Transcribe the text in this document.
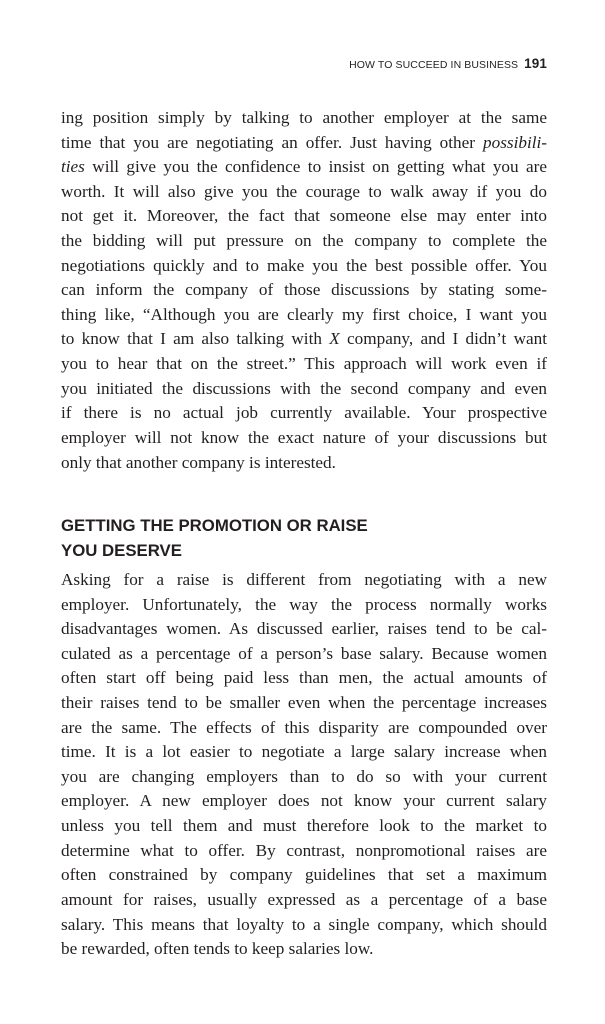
HOW TO SUCCEED IN BUSINESS 191
ing position simply by talking to another employer at the same
time that you are negotiating an offer. Just having other possibili-
ties will give you the confidence to insist on getting what you are
worth. It will also give you the courage to walk away if you do
not get it. Moreover, the fact that someone else may enter into
the bidding will put pressure on the company to complete the
negotiations quickly and to make you the best possible offer. You
can inform the company of those discussions by stating some-
thing like, “Although you are clearly my first choice, I want you
to know that I am also talking with X company, and I didn’t want
you to hear that on the street.” This approach will work even if
you initiated the discussions with the second company and even
if there is no actual job currently available. Your prospective
employer will not know the exact nature of your discussions but
only that another company is interested.
GETTING THE PROMOTION OR RAISE
YOU DESERVE
Asking for a raise is different from negotiating with a new
employer. Unfortunately, the way the process normally works
disadvantages women. As discussed earlier, raises tend to be cal-
culated as a percentage of a person’s base salary. Because women
often start off being paid less than men, the actual amounts of
their raises tend to be smaller even when the percentage increases
are the same. The effects of this disparity are compounded over
time. It is a lot easier to negotiate a large salary increase when
you are changing employers than to do so with your current
employer. A new employer does not know your current salary
unless you tell them and must therefore look to the market to
determine what to offer. By contrast, nonpromotional raises are
often constrained by company guidelines that set a maximum
amount for raises, usually expressed as a percentage of a base
salary. This means that loyalty to a single company, which should
be rewarded, often tends to keep salaries low.
